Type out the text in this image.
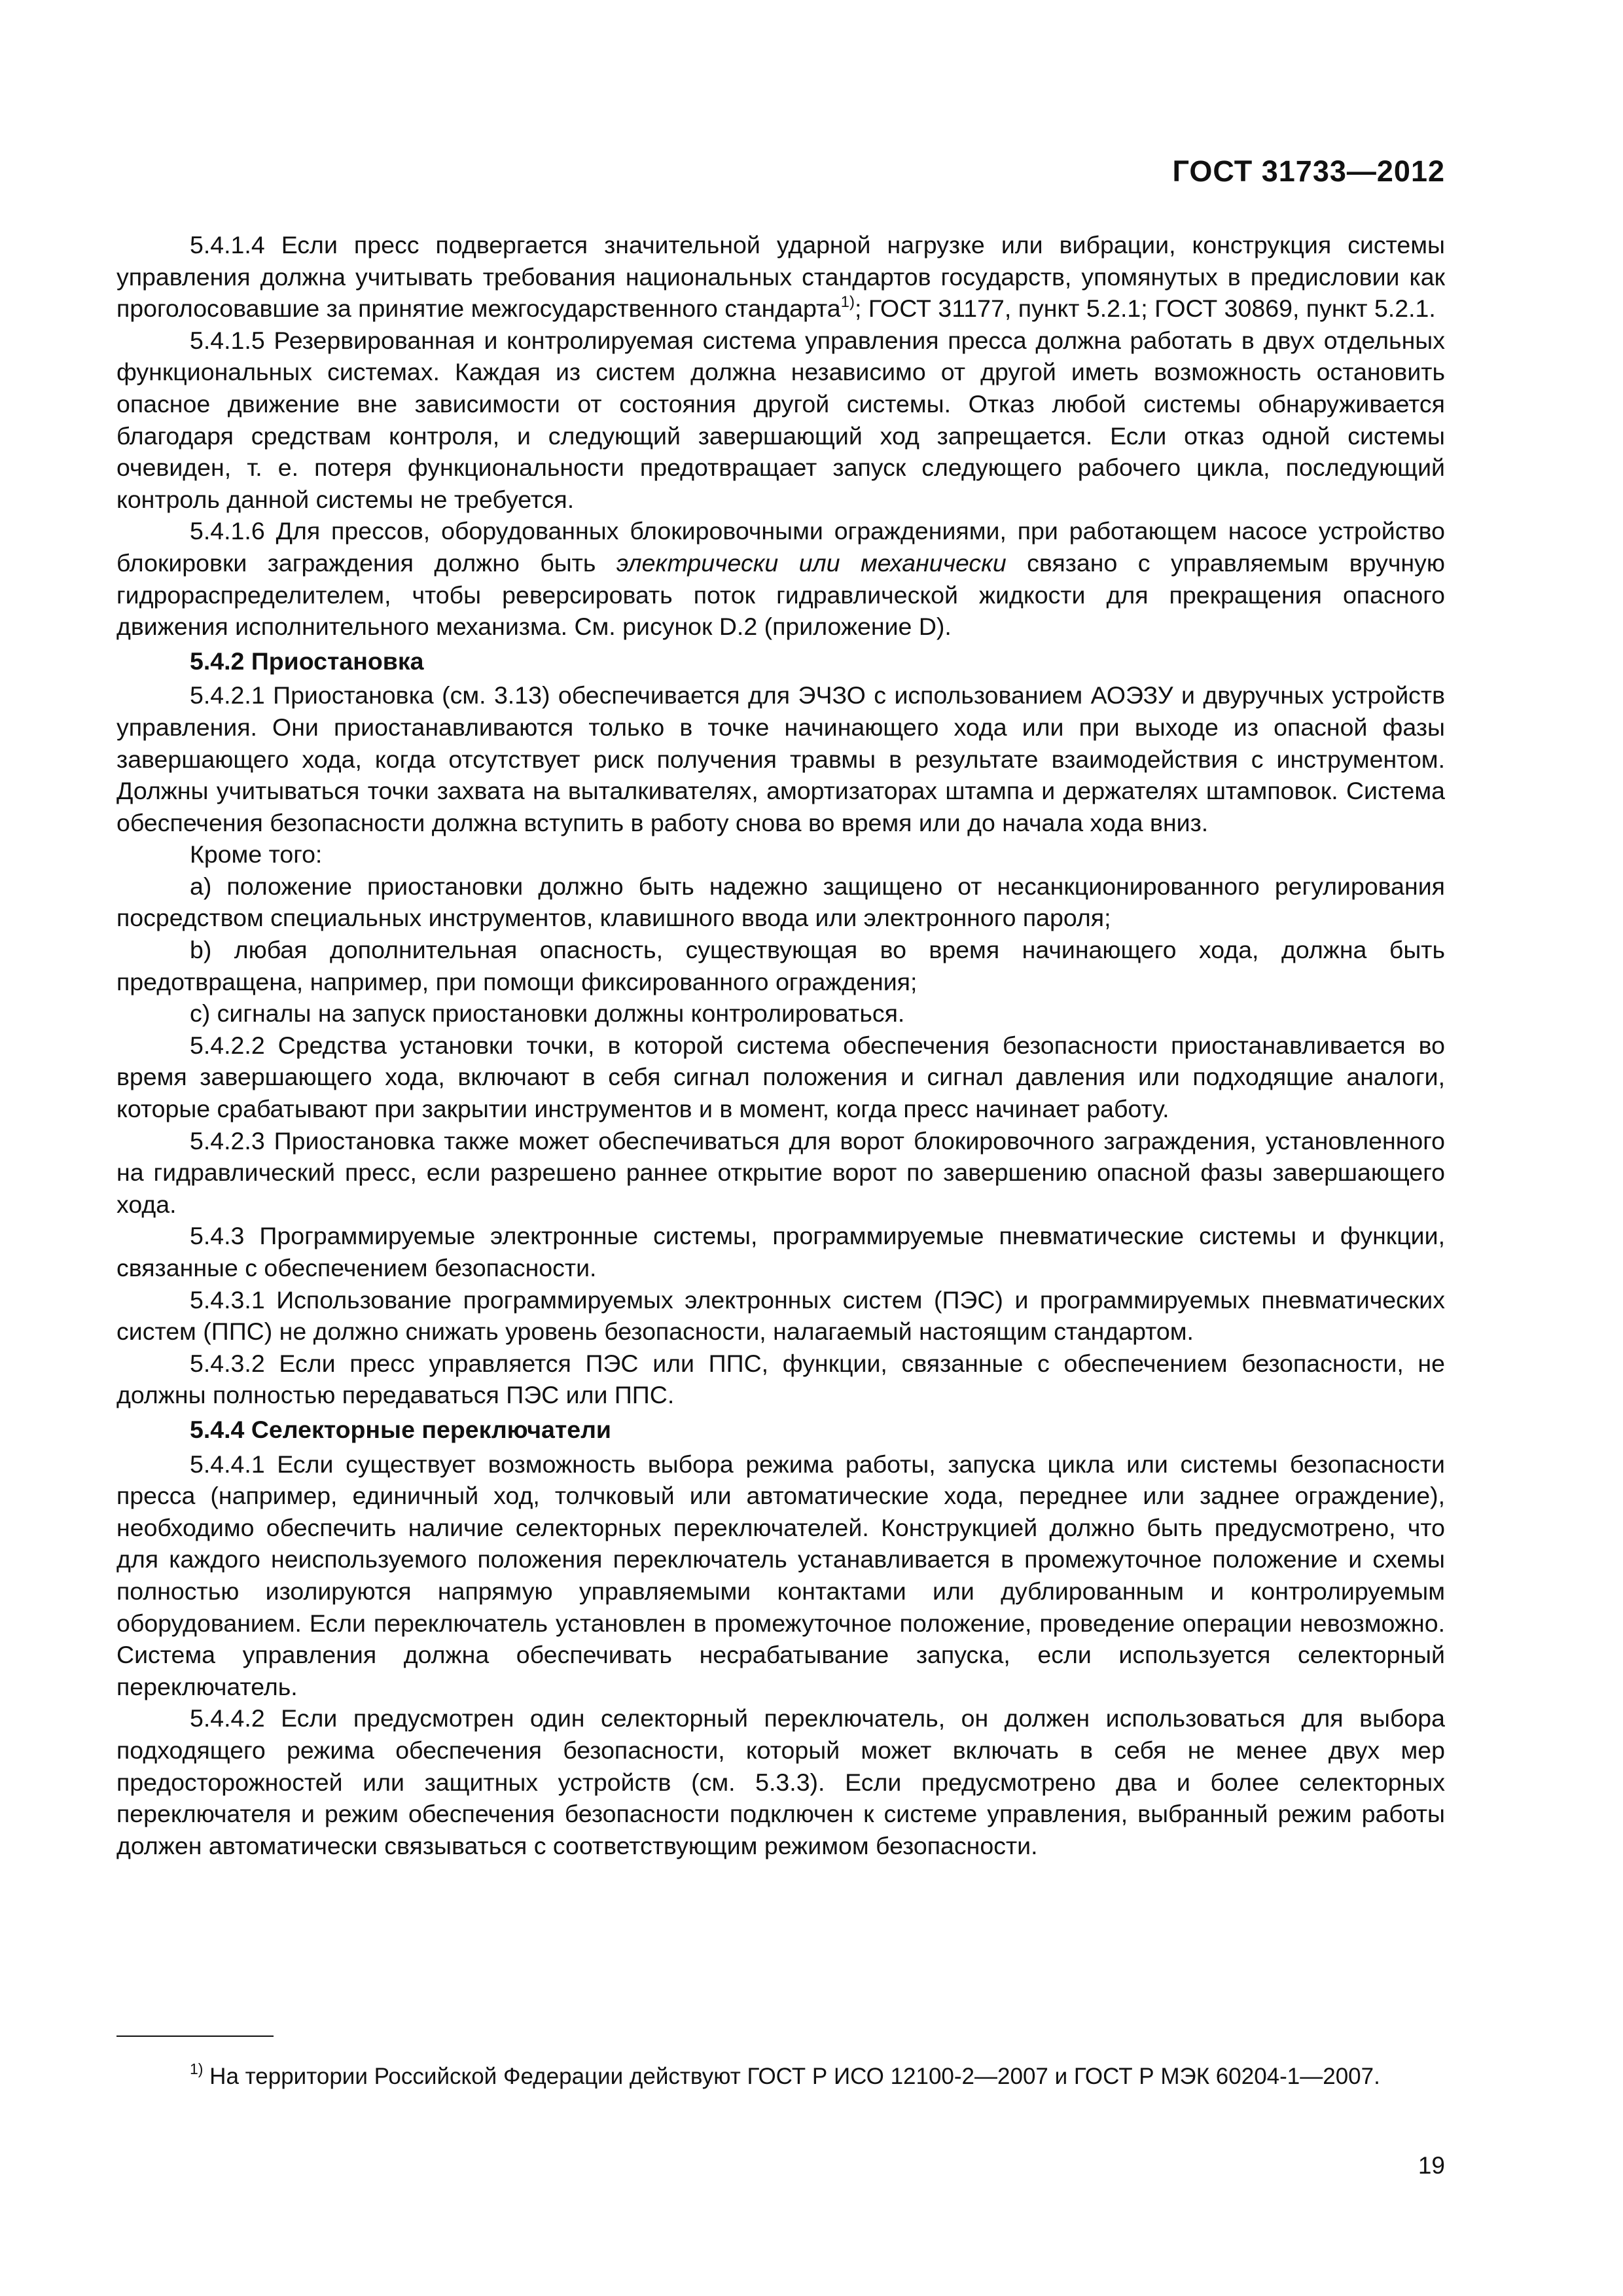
ГОСТ 31733—2012

5.4.1.4 Если пресс подвергается значительной ударной нагрузке или вибрации, конструкция системы управления должна учитывать требования национальных стандартов государств, упомянутых в предисловии как проголосовавшие за принятие межгосударственного стандарта$^{1)}$; ГОСТ 31177, пункт 5.2.1; ГОСТ 30869, пункт 5.2.1.

5.4.1.5 Резервированная и контролируемая система управления пресса должна работать в двух отдельных функциональных системах. Каждая из систем должна независимо от другой иметь возможность остановить опасное движение вне зависимости от состояния другой системы. Отказ любой системы обнаруживается благодаря средствам контроля, и следующий завершающий ход запрещается. Если отказ одной системы очевиден, т. е. потеря функциональности предотвращает запуск следующего рабочего цикла, последующий контроль данной системы не требуется.

5.4.1.6 Для прессов, оборудованных блокировочными ограждениями, при работающем насосе устройство блокировки заграждения должно быть электрически или механически связано с управляемым вручную гидрораспределителем, чтобы реверсировать поток гидравлической жидкости для прекращения опасного движения исполнительного механизма. См. рисунок D.2 (приложение D).

5.4.2 Приостановка

5.4.2.1 Приостановка (см. 3.13) обеспечивается для ЭЧЗО с использованием АОЭЗУ и двуручных устройств управления. Они приостанавливаются только в точке начинающего хода или при выходе из опасной фазы завершающего хода, когда отсутствует риск получения травмы в результате взаимодействия с инструментом. Должны учитываться точки захвата на выталкивателях, амортизаторах штампа и держателях штамповок. Система обеспечения безопасности должна вступить в работу снова во время или до начала хода вниз.

Кроме того:

a) положение приостановки должно быть надежно защищено от несанкционированного регулирования посредством специальных инструментов, клавишного ввода или электронного пароля;

b) любая дополнительная опасность, существующая во время начинающего хода, должна быть предотвращена, например, при помощи фиксированного ограждения;

c) сигналы на запуск приостановки должны контролироваться.

5.4.2.2 Средства установки точки, в которой система обеспечения безопасности приостанавливается во время завершающего хода, включают в себя сигнал положения и сигнал давления или подходящие аналоги, которые срабатывают при закрытии инструментов и в момент, когда пресс начинает работу.

5.4.2.3 Приостановка также может обеспечиваться для ворот блокировочного заграждения, установленного на гидравлический пресс, если разрешено раннее открытие ворот по завершению опасной фазы завершающего хода.

5.4.3 Программируемые электронные системы, программируемые пневматические системы и функции, связанные с обеспечением безопасности.

5.4.3.1 Использование программируемых электронных систем (ПЭС) и программируемых пневматических систем (ППС) не должно снижать уровень безопасности, налагаемый настоящим стандартом.

5.4.3.2 Если пресс управляется ПЭС или ППС, функции, связанные с обеспечением безопасности, не должны полностью передаваться ПЭС или ППС.

5.4.4 Селекторные переключатели

5.4.4.1 Если существует возможность выбора режима работы, запуска цикла или системы безопасности пресса (например, единичный ход, толчковый или автоматические хода, переднее или заднее ограждение), необходимо обеспечить наличие селекторных переключателей. Конструкцией должно быть предусмотрено, что для каждого неиспользуемого положения переключатель устанавливается в промежуточное положение и схемы полностью изолируются напрямую управляемыми контактами или дублированным и контролируемым оборудованием. Если переключатель установлен в промежуточное положение, проведение операции невозможно. Система управления должна обеспечивать несрабатывание запуска, если используется селекторный переключатель.

5.4.4.2 Если предусмотрен один селекторный переключатель, он должен использоваться для выбора подходящего режима обеспечения безопасности, который может включать в себя не менее двух мер предосторожностей или защитных устройств (см. 5.3.3). Если предусмотрено два и более селекторных переключателя и режим обеспечения безопасности подключен к системе управления, выбранный режим работы должен автоматически связываться с соответствующим режимом безопасности.

$^{1)}$ На территории Российской Федерации действуют ГОСТ Р ИСО 12100-2—2007 и ГОСТ Р МЭК 60204-1—2007.

19
